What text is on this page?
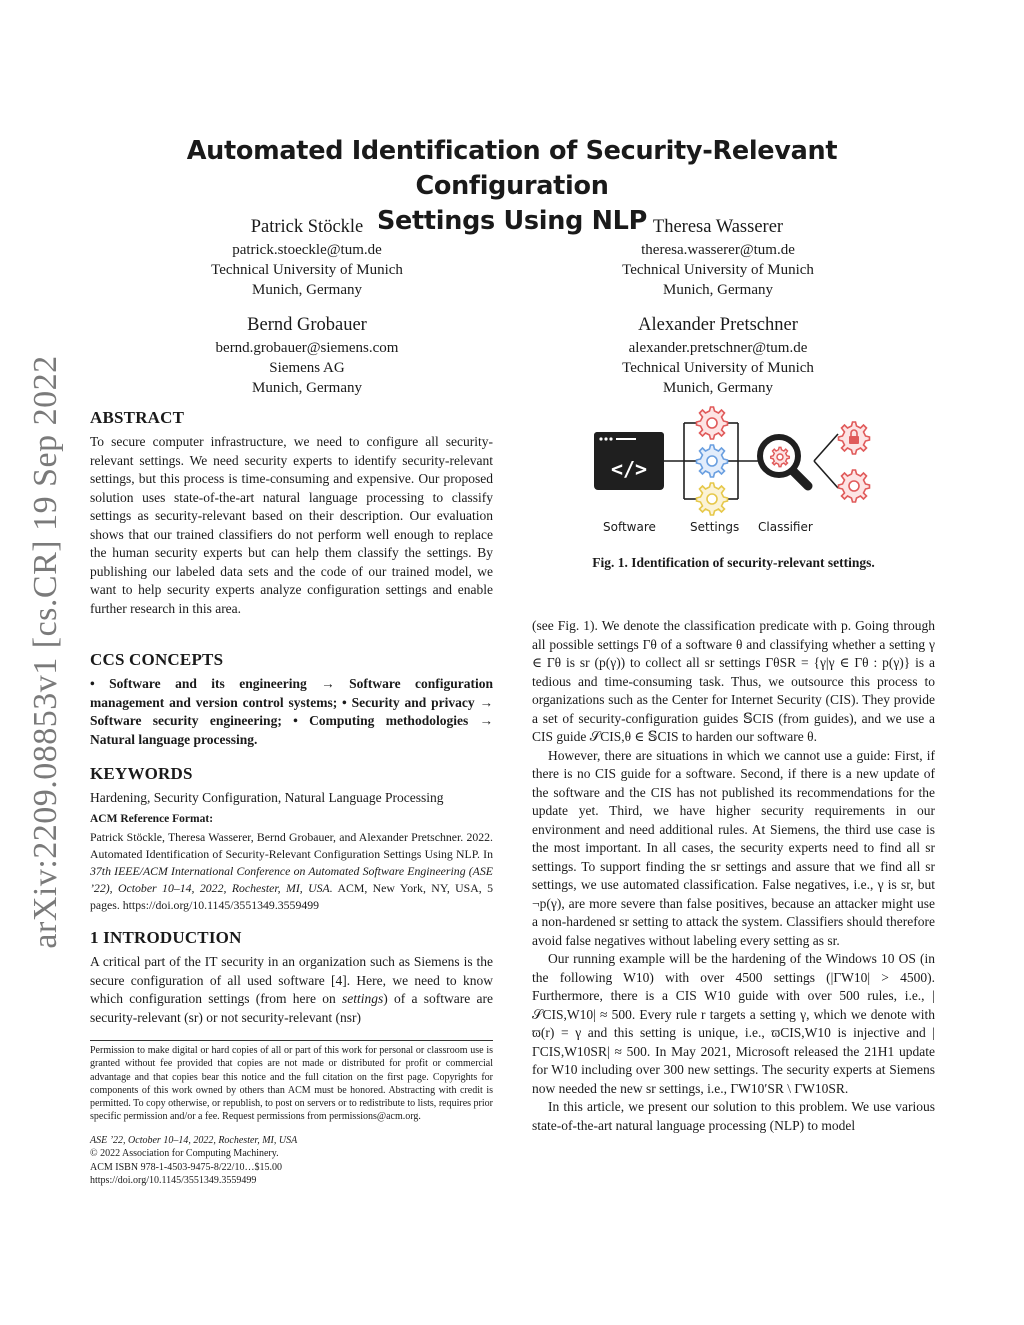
arXiv:2209.08853v1 [cs.CR] 19 Sep 2022
Automated Identification of Security-Relevant Configuration
Settings Using NLP
Patrick Stöckle
patrick.stoeckle@tum.de
Technical University of Munich
Munich, Germany
Theresa Wasserer
theresa.wasserer@tum.de
Technical University of Munich
Munich, Germany
Bernd Grobauer
bernd.grobauer@siemens.com
Siemens AG
Munich, Germany
Alexander Pretschner
alexander.pretschner@tum.de
Technical University of Munich
Munich, Germany
ABSTRACT
To secure computer infrastructure, we need to configure all security-relevant settings. We need security experts to identify security-relevant settings, but this process is time-consuming and expensive. Our proposed solution uses state-of-the-art natural language processing to classify settings as security-relevant based on their description. Our evaluation shows that our trained classifiers do not perform well enough to replace the human security experts but can help them classify the settings. By publishing our labeled data sets and the code of our trained model, we want to help security experts analyze configuration settings and enable further research in this area.
CCS CONCEPTS
• Software and its engineering → Software configuration management and version control systems; • Security and privacy → Software security engineering; • Computing methodologies → Natural language processing.
KEYWORDS
Hardening, Security Configuration, Natural Language Processing
ACM Reference Format:
Patrick Stöckle, Theresa Wasserer, Bernd Grobauer, and Alexander Pretschner. 2022. Automated Identification of Security-Relevant Configuration Settings Using NLP. In 37th IEEE/ACM International Conference on Automated Software Engineering (ASE ’22), October 10–14, 2022, Rochester, MI, USA. ACM, New York, NY, USA, 5 pages. https://doi.org/10.1145/3551349.3559499
1 INTRODUCTION
A critical part of the IT security in an organization such as Siemens is the secure configuration of all used software [4]. Here, we need to know which configuration settings (from here on settings) of a software are security-relevant (sr) or not security-relevant (nsr)
Permission to make digital or hard copies of all or part of this work for personal or classroom use is granted without fee provided that copies are not made or distributed for profit or commercial advantage and that copies bear this notice and the full citation on the first page. Copyrights for components of this work owned by others than ACM must be honored. Abstracting with credit is permitted. To copy otherwise, or republish, to post on servers or to redistribute to lists, requires prior specific permission and/or a fee. Request permissions from permissions@acm.org.
ASE ’22, October 10–14, 2022, Rochester, MI, USA
© 2022 Association for Computing Machinery.
ACM ISBN 978-1-4503-9475-8/22/10…$15.00
https://doi.org/10.1145/3551349.3559499
</>
Software	Settings Classifier
Fig. 1. Identification of security-relevant settings.

(see Fig. 1). We denote the classification predicate with p. Going through all possible settings Γθ of a software θ and classifying whether a setting γ ∈ Γθ is sr (p(γ)) to collect all sr settings ΓθSR = {γ|γ ∈ Γθ : p(γ)} is a tedious and time-consuming task. Thus, we outsource this process to organizations such as the Center for Internet Security (CIS). They provide a set of security-configuration guides 𝕊CIS (from guides), and we use a CIS guide 𝒮CIS,θ ∈ 𝕊CIS to harden our software θ.

However, there are situations in which we cannot use a guide: First, if there is no CIS guide for a software. Second, if there is a new update of the software and the CIS has not published its recommendations for the update yet. Third, we have higher security requirements in our environment and need additional rules. At Siemens, the third use case is the most important. In all cases, the security experts need to find all sr settings. To support finding the sr settings and assure that we find all sr settings, we use automated classification. False negatives, i.e., γ is sr, but ¬p(γ), are more severe than false positives, because an attacker might use a non-hardened sr setting to attack the system. Classifiers should therefore avoid false negatives without labeling every setting as sr.

Our running example will be the hardening of the Windows 10 OS (in the following W10) with over 4500 settings (|ΓW10| > 4500). Furthermore, there is a CIS W10 guide with over 500 rules, i.e., |𝒮CIS,W10| ≈ 500. Every rule r targets a setting γ, which we denote with ϖ(r) = γ and this setting is unique, i.e., ϖCIS,W10 is injective and |ΓCIS,W10SR| ≈ 500. In May 2021, Microsoft released the 21H1 update for W10 including over 300 new settings. The security experts at Siemens now needed the new sr settings, i.e., ΓW10′SR \ ΓW10SR.

In this article, we present our solution to this problem. We use various state-of-the-art natural language processing (NLP) to model
